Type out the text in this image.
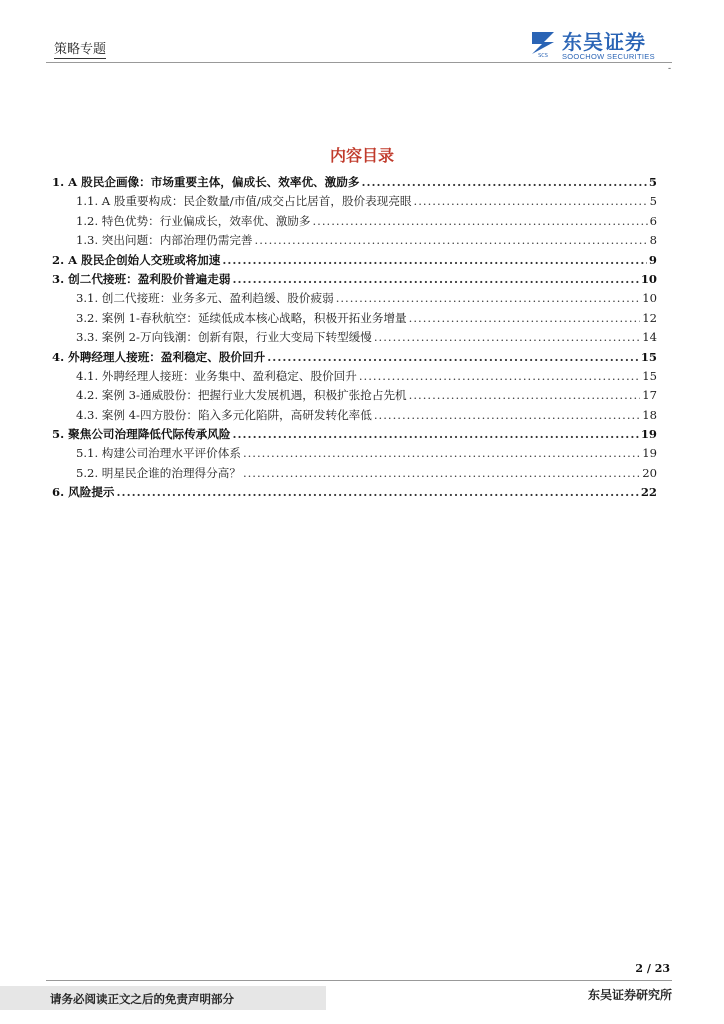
策略专题	SCS
东吴证券
SOOCHOW SECURITIES
-
内容目录
1. A 股民企画像：市场重要主体，偏成长、效率优、激励多 .....	5
1.1. A 股重要构成：民企数量/市值/成交占比居首，股价表现亮眼 .....	5
1.2. 特色优势：行业偏成长，效率优、激励多 .....	6
1.3. 突出问题：内部治理仍需完善 .....	8
2. A 股民企创始人交班或将加速 .....	9
3. 创二代接班：盈利股价普遍走弱 .....	10
3.1. 创二代接班：业务多元、盈利趋缓、股价疲弱 .....	10
3.2. 案例 1-春秋航空：延续低成本核心战略，积极开拓业务增量 .....	12
3.3. 案例 2-万向钱潮：创新有限，行业大变局下转型缓慢 .....	14
4. 外聘经理人接班：盈利稳定、股价回升 .....	15
4.1. 外聘经理人接班：业务集中、盈利稳定、股价回升 .....	15
4.2. 案例 3-通威股份：把握行业大发展机遇，积极扩张抢占先机 .....	17
4.3. 案例 4-四方股份：陷入多元化陷阱，高研发转化率低 .....	18
5. 聚焦公司治理降低代际传承风险 .....	19
5.1. 构建公司治理水平评价体系 .....	19
5.2. 明星民企谁的治理得分高？ .....	20
6. 风险提示 .....	22
2 / 23
请务必阅读正文之后的免责声明部分	东吴证券研究所
